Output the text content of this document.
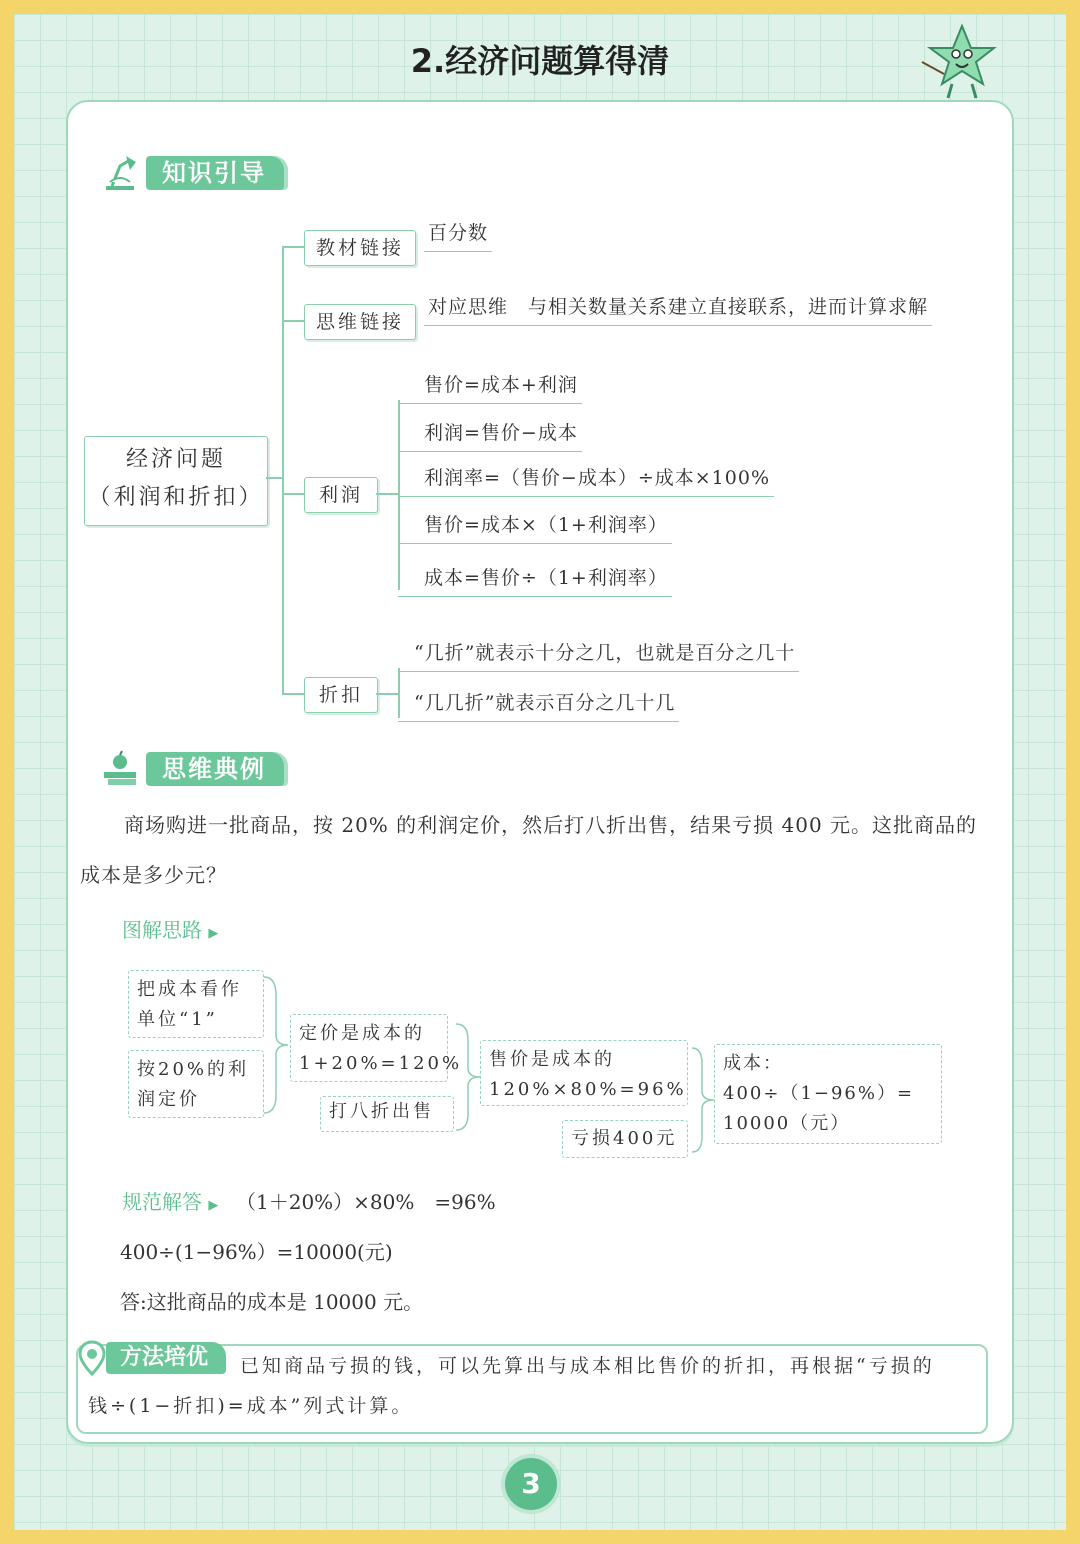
2.经济问题算得清
知识引导
经济问题
（利润和折扣）
教材链接
思维链接
利润
折扣
百分数
对应思维　与相关数量关系建立直接联系，进而计算求解
售价=成本+利润
利润=售价−成本
利润率=（售价−成本）÷成本×100%
售价=成本×（1+利润率）
成本=售价÷（1+利润率）
“几折”就表示十分之几，也就是百分之几十
“几几折”就表示百分之几十几
思维典例
商场购进一批商品，按 20% 的利润定价，然后打八折出售，结果亏损 400 元。这批商品的
成本是多少元？
图解思路 ▶
把成本看作
单位“1”
按20%的利
润定价
定价是成本的
1+20%=120%
打八折出售
售价是成本的
120%×80%=96%
亏损400元
成本：
400÷（1−96%）=
10000（元）
规范解答 ▶ （1＋20%）×80%　=96%
400÷(1−96%）=10000(元)
答:这批商品的成本是 10000 元。
方法培优	已知商品亏损的钱，可以先算出与成本相比售价的折扣，再根据“亏损的
钱÷(1−折扣)=成本”列式计算。
3
